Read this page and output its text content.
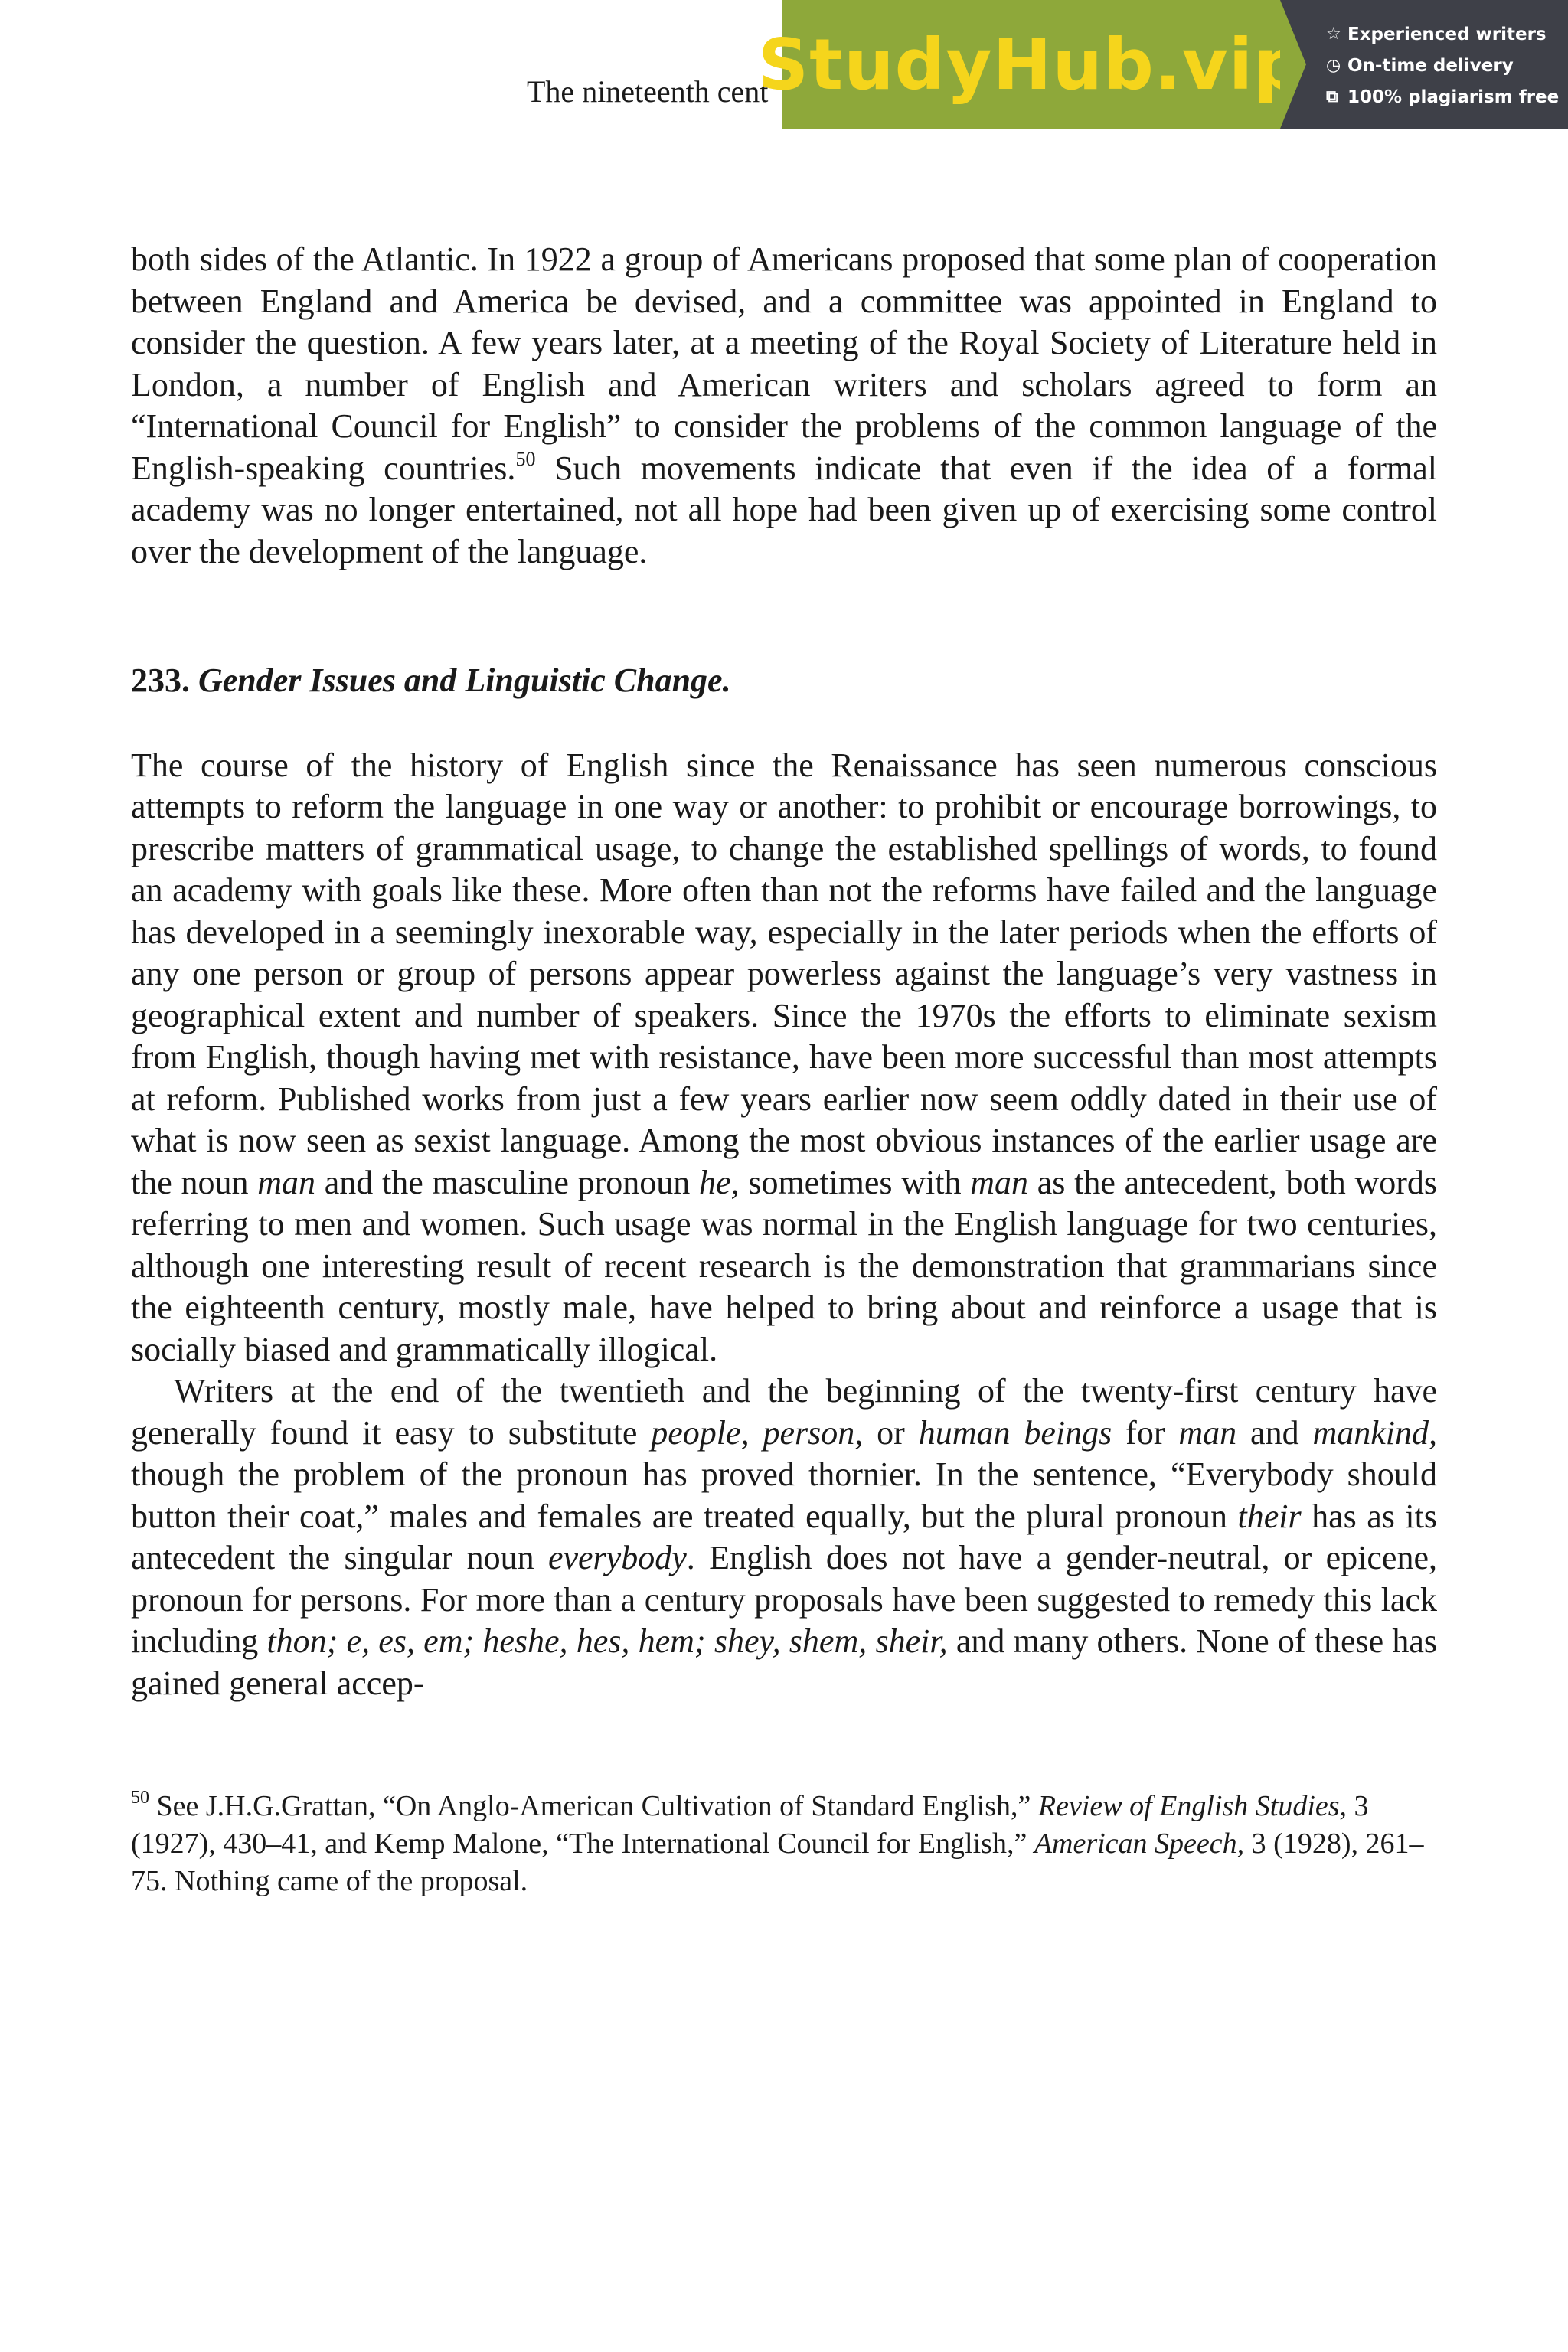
The nineteenth cent
StudyHub.vip ☆ Experienced writers
◷ On-time delivery
⧉ 100% plagiarism free

both sides of the Atlantic. In 1922 a group of Americans proposed that some plan of cooperation between England and America be devised, and a committee was appointed in England to consider the question. A few years later, at a meeting of the Royal Society of Literature held in London, a number of English and American writers and scholars agreed to form an “International Council for English” to consider the problems of the common language of the English-speaking countries.$^{50}$ Such movements indicate that even if the idea of a formal academy was no longer entertained, not all hope had been given up of exercising some control over the development of the language.

233. Gender Issues and Linguistic Change.

The course of the history of English since the Renaissance has seen numerous conscious attempts to reform the language in one way or another: to prohibit or encourage borrowings, to prescribe matters of grammatical usage, to change the established spellings of words, to found an academy with goals like these. More often than not the reforms have failed and the language has developed in a seemingly inexorable way, especially in the later periods when the efforts of any one person or group of persons appear powerless against the language’s very vastness in geographical extent and number of speakers. Since the 1970s the efforts to eliminate sexism from English, though having met with resistance, have been more successful than most attempts at reform. Published works from just a few years earlier now seem oddly dated in their use of what is now seen as sexist language. Among the most obvious instances of the earlier usage are the noun man and the masculine pronoun he, sometimes with man as the antecedent, both words referring to men and women. Such usage was normal in the English language for two centuries, although one interesting result of recent research is the demonstration that grammarians since the eighteenth century, mostly male, have helped to bring about and reinforce a usage that is socially biased and grammatically illogical.

Writers at the end of the twentieth and the beginning of the twenty-first century have generally found it easy to substitute people, person, or human beings for man and mankind, though the problem of the pronoun has proved thornier. In the sentence, “Everybody should button their coat,” males and females are treated equally, but the plural pronoun their has as its antecedent the singular noun everybody. English does not have a gender-neutral, or epicene, pronoun for persons. For more than a century proposals have been suggested to remedy this lack including thon; e, es, em; heshe, hes, hem; shey, shem, sheir, and many others. None of these has gained general accep-

$^{50}$ See J.H.G.Grattan, “On Anglo-American Cultivation of Standard English,” Review of English Studies, 3 (1927), 430–41, and Kemp Malone, “The International Council for English,” American Speech, 3 (1928), 261–75. Nothing came of the proposal.
